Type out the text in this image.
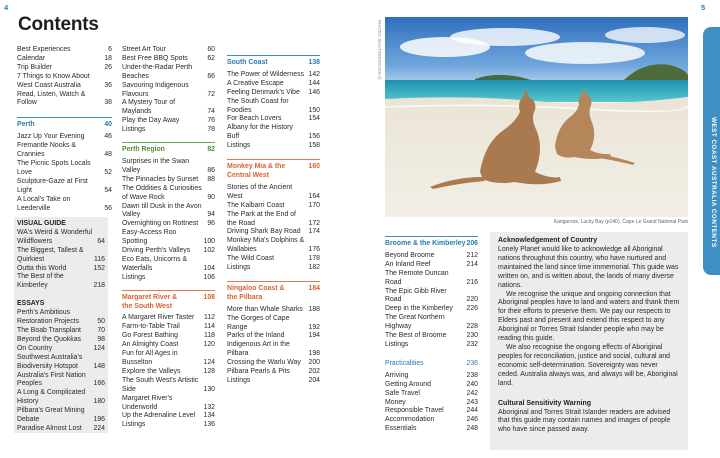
4	5
Contents
Best Experiences	6
Calendar	18
Trip Builder	26
7 Things to Know About West Coast Australia	36
Read, Listen, Watch & Follow	38
Perth	40
Jazz Up Your Evening	46
Fremantle Nooks & Crannies	48
The Picnic Spots Locals Love	52
Sculpture-Gaze at First Light	54
A Local's Take on Leederville	56
VISUAL GUIDE
WA's Weird & Wonderful Wildflowers	64
The Biggest, Tallest & Quirkiest	116
Outta this World	152
The Best of the Kimberley	218
ESSAYS
Perth's Ambitious Restoration Projects	50
The Boab Transplant	70
Beyond the Quokkas	98
On Country	124
Southwest Australia's Biodiversity Hotspot	148
Australia's First Nation Peoples	166
A Long & Complicated History	180
Pilbara's Great Mining Debate	196
Paradise Almost Lost	224
Street Art Tour	60
Best Free BBQ Spots	62
Under-the-Radar Perth Beaches	66
Savouring Indigenous Flavours	72
A Mystery Tour of Maylands	74
Play the Day Away	76
Listings	78
Perth Region	82
Surprises in the Swan Valley	86
The Pinnacles by Sunset	88
The Oddities & Curiosities of Wave Rock	90
Dawn till Dusk in the Avon Valley	94
Overnighting on Rottnest	96
Easy-Access Roo Spotting	100
Driving Perth's Valleys	102
Eco Eats, Unicorns & Waterfalls	104
Listings	106
Margaret River & the South West
108
A Margaret River Taster	112
Farm-to-Table Trail	114
Go Forest Bathing	118
An Almighty Coast	120
Fun for All Ages in Busselton	124
Explore the Valleys	128
The South West's Artistic Side	130
Margaret River's Underworld	132
Up the Adrenaline Level	134
Listings	136
South Coast	138
The Power of Wilderness 142
A Creative Escape	144
Feeling Denmark's Vibe	146
The South Coast for Foodies	150
For Beach Lovers	154
Albany for the History Buff	156
Listings	158
Monkey Mia & the Central West
160
Stories of the Ancient West	164
The Kalbarri Coast	170
The Park at the End of the Road	172
Driving Shark Bay Road	174
Monkey Mia's Dolphins & Wallabies	176
The Wild Coast	178
Listings	182
Ningaloo Coast & the Pilbara
184
More than Whale Sharks 188
The Gorges of Cape Range	192
Parks of the Inland	194
Indigenous Art in the Pilbara	198
Crossing the Warlu Way	200
Pilbara Pearls & Pits	202
Listings	204
PHOTO: SHUTTERSTOCK ©
Kangaroos, Lucky Bay (p140), Cape Le Grand National Park	WEST COAST AUSTRALIA CONTENTS
Broome & the Kimberley 206
Beyond Broome	212
An Inland Reef	214
The Remote Duncan Road	216
The Epic Gibb River Road	220
Deep in the Kimberley	226
The Great Northern Highway	228
The Best of Broome	230
Listings	232
Practicalities	236
Arriving	238
Getting Around	240
Safe Travel	242
Money	243
Responsible Travel	244
Accommodation	246
Essentials	248
Acknowledgement of Country

Lonely Planet would like to acknowledge all Aboriginal nations throughout this country, who have nurtured and maintained the land since time immemorial. This guide was written on, and is written about, the lands of many diverse nations.

We recognise the unique and ongoing connection that Aboriginal peoples have to land and waters and thank them for their efforts to preserve them. We pay our respects to Elders past and present and extend this respect to any Aboriginal or Torres Strait Islander people who may be reading this guide.

We also recognise the ongoing effects of Aboriginal peoples for reconciliation, justice and social, cultural and economic self-determination. Sovereignty was never ceded. Australia always was, and always will be, Aboriginal land.

Cultural Sensitivity Warning

Aboriginal and Torres Strait Islander readers are advised that this guide may contain names and images of people who have since passed away.
